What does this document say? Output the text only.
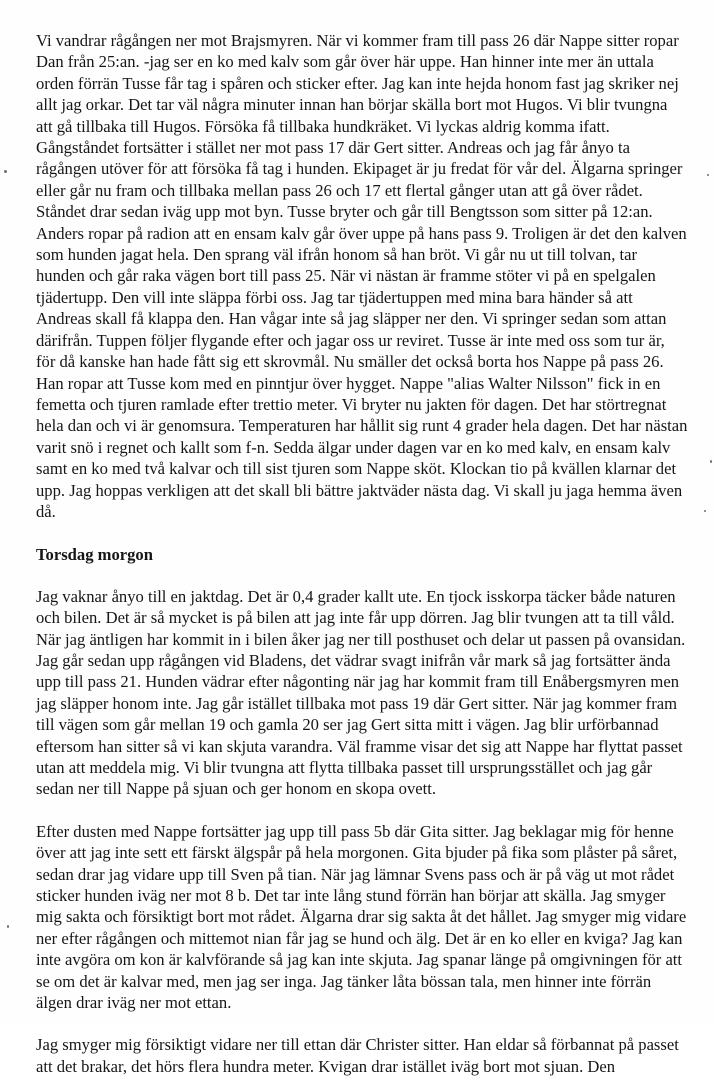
Vi vandrar rågången ner mot Brajsmyren. När vi kommer fram till pass 26 där Nappe sitter ropar Dan från 25:an. -jag ser en ko med kalv som går över här uppe. Han hinner inte mer än uttala orden förrän Tusse får tag i spåren och sticker efter. Jag kan inte hejda honom fast jag skriker nej allt jag orkar. Det tar väl några minuter innan han börjar skälla bort mot Hugos. Vi blir tvungna att gå tillbaka till Hugos. Försöka få tillbaka hundkräket. Vi lyckas aldrig komma ifatt. Gångståndet fortsätter i stället ner mot pass 17 där Gert sitter. Andreas och jag får ånyo ta rågången utöver för att försöka få tag i hunden. Ekipaget är ju fredat för vår del. Älgarna springer eller går nu fram och tillbaka mellan pass 26 och 17 ett flertal gånger utan att gå över rådet. Ståndet drar sedan iväg upp mot byn. Tusse bryter och går till Bengtsson som sitter på 12:an. Anders ropar på radion att en ensam kalv går över uppe på hans pass 9. Troligen är det den kalven som hunden jagat hela. Den sprang väl ifrån honom så han bröt. Vi går nu ut till tolvan, tar hunden och går raka vägen bort till pass 25. När vi nästan är framme stöter vi på en spelgalen tjädertupp. Den vill inte släppa förbi oss. Jag tar tjädertuppen med mina bara händer så att Andreas skall få klappa den. Han vågar inte så jag släpper ner den. Vi springer sedan som attan därifrån. Tuppen följer flygande efter och jagar oss ur reviret. Tusse är inte med oss som tur är, för då kanske han hade fått sig ett skrovmål. Nu smäller det också borta hos Nappe på pass 26. Han ropar att Tusse kom med en pinntjur över hygget. Nappe "alias Walter Nilsson" fick in en femetta och tjuren ramlade efter trettio meter. Vi bryter nu jakten för dagen. Det har störtregnat hela dan och vi är genomsura. Temperaturen har hållit sig runt 4 grader hela dagen. Det har nästan varit snö i regnet och kallt som f-n. Sedda älgar under dagen var en ko med kalv, en ensam kalv samt en ko med två kalvar och till sist tjuren som Nappe sköt. Klockan tio på kvällen klarnar det upp. Jag hoppas verkligen att det skall bli bättre jaktväder nästa dag. Vi skall ju jaga hemma även då.

Torsdag morgon

Jag vaknar ånyo till en jaktdag. Det är 0,4 grader kallt ute. En tjock isskorpa täcker både naturen och bilen. Det är så mycket is på bilen att jag inte får upp dörren. Jag blir tvungen att ta till våld. När jag äntligen har kommit in i bilen åker jag ner till posthuset och delar ut passen på ovansidan. Jag går sedan upp rågången vid Bladens, det vädrar svagt inifrån vår mark så jag fortsätter ända upp till pass 21. Hunden vädrar efter någonting när jag har kommit fram till Enåbergsmyren men jag släpper honom inte. Jag går istället tillbaka mot pass 19 där Gert sitter. När jag kommer fram till vägen som går mellan 19 och gamla 20 ser jag Gert sitta mitt i vägen. Jag blir urförbannad eftersom han sitter så vi kan skjuta varandra. Väl framme visar det sig att Nappe har flyttat passet utan att meddela mig. Vi blir tvungna att flytta tillbaka passet till ursprungsstället och jag går sedan ner till Nappe på sjuan och ger honom en skopa ovett.

Efter dusten med Nappe fortsätter jag upp till pass 5b där Gita sitter. Jag beklagar mig för henne över att jag inte sett ett färskt älgspår på hela morgonen. Gita bjuder på fika som plåster på såret, sedan drar jag vidare upp till Sven på tian. När jag lämnar Svens pass och är på väg ut mot rådet sticker hunden iväg ner mot 8 b. Det tar inte lång stund förrän han börjar att skälla. Jag smyger mig sakta och försiktigt bort mot rådet. Älgarna drar sig sakta åt det hållet. Jag smyger mig vidare ner efter rågången och mittemot nian får jag se hund och älg. Det är en ko eller en kviga? Jag kan inte avgöra om kon är kalvförande så jag kan inte skjuta. Jag spanar länge på omgivningen för att se om det är kalvar med, men jag ser inga. Jag tänker låta bössan tala, men hinner inte förrän älgen drar iväg ner mot ettan.

Jag smyger mig försiktigt vidare ner till ettan där Christer sitter. Han eldar så förbannat på passet att det brakar, det hörs flera hundra meter. Kvigan drar istället iväg bort mot sjuan. Den
